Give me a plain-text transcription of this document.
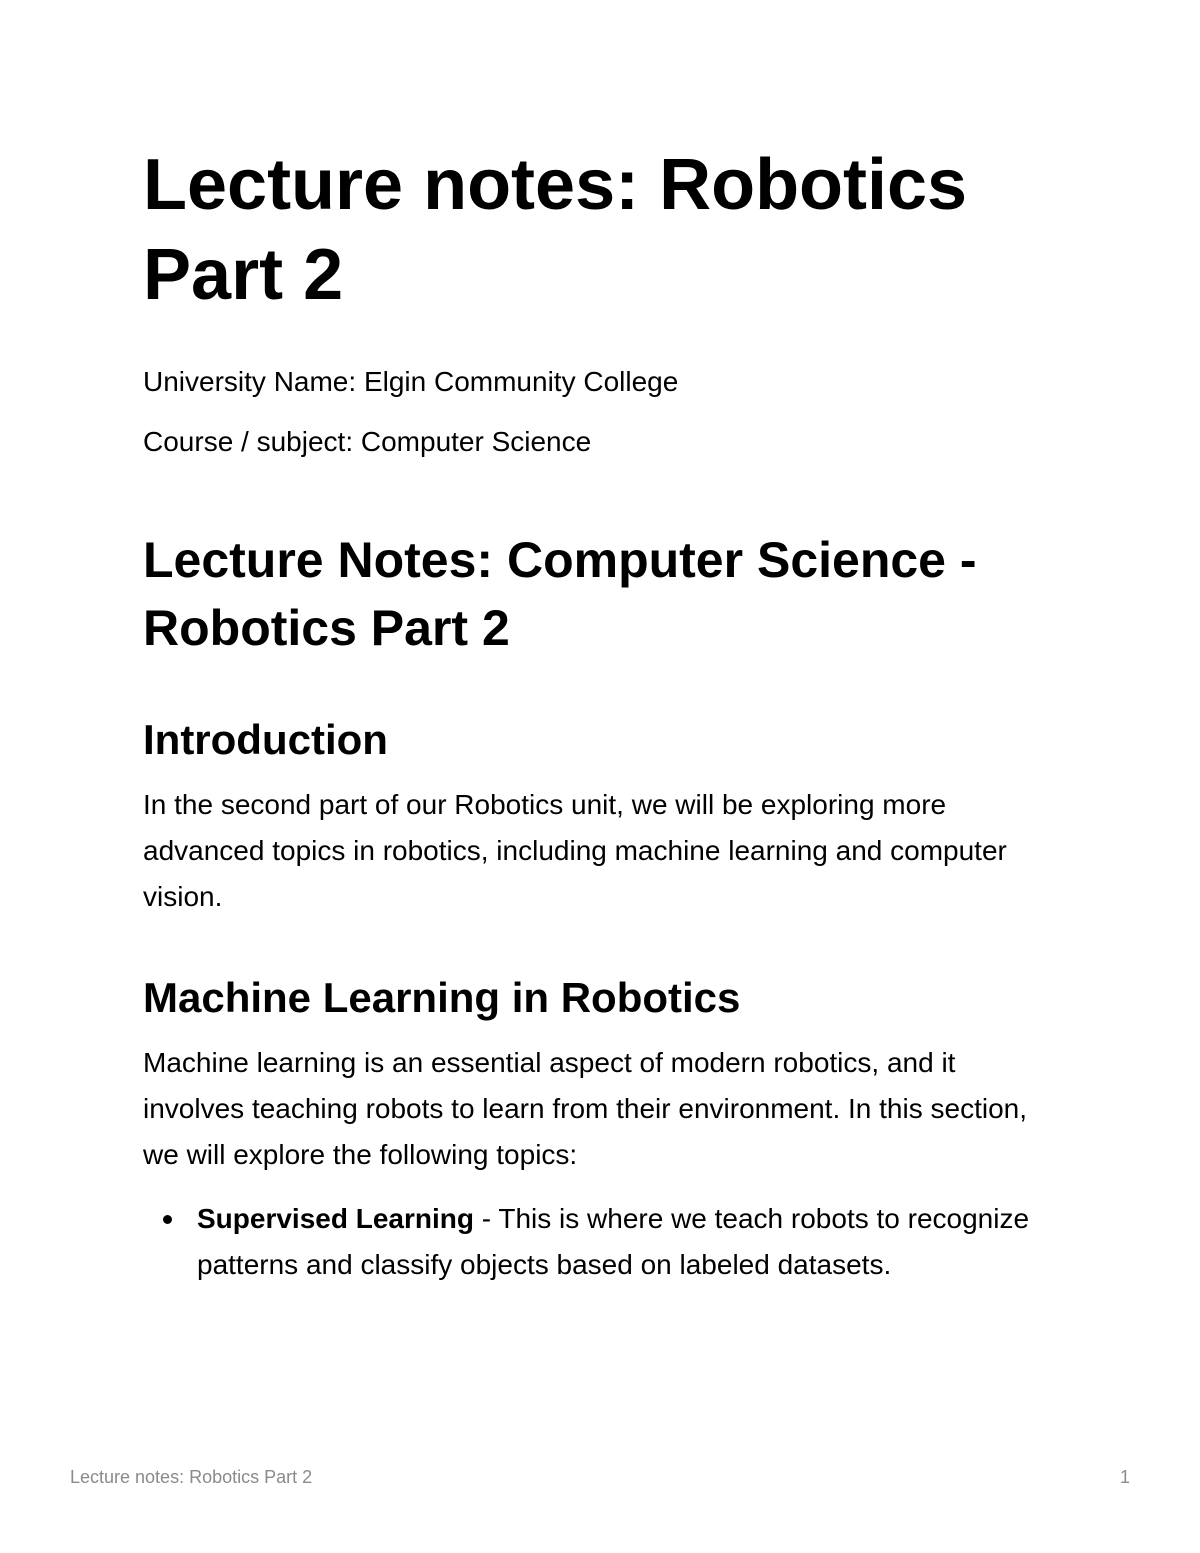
Lecture notes: Robotics Part 2

University Name: Elgin Community College

Course / subject: Computer Science

Lecture Notes: Computer Science - Robotics Part 2
Introduction

In the second part of our Robotics unit, we will be exploring more advanced topics in robotics, including machine learning and computer vision.

Machine Learning in Robotics

Machine learning is an essential aspect of modern robotics, and it involves teaching robots to learn from their environment. In this section, we will explore the following topics:

Supervised Learning - This is where we teach robots to recognize patterns and classify objects based on labeled datasets.
Lecture notes: Robotics Part 2	1
